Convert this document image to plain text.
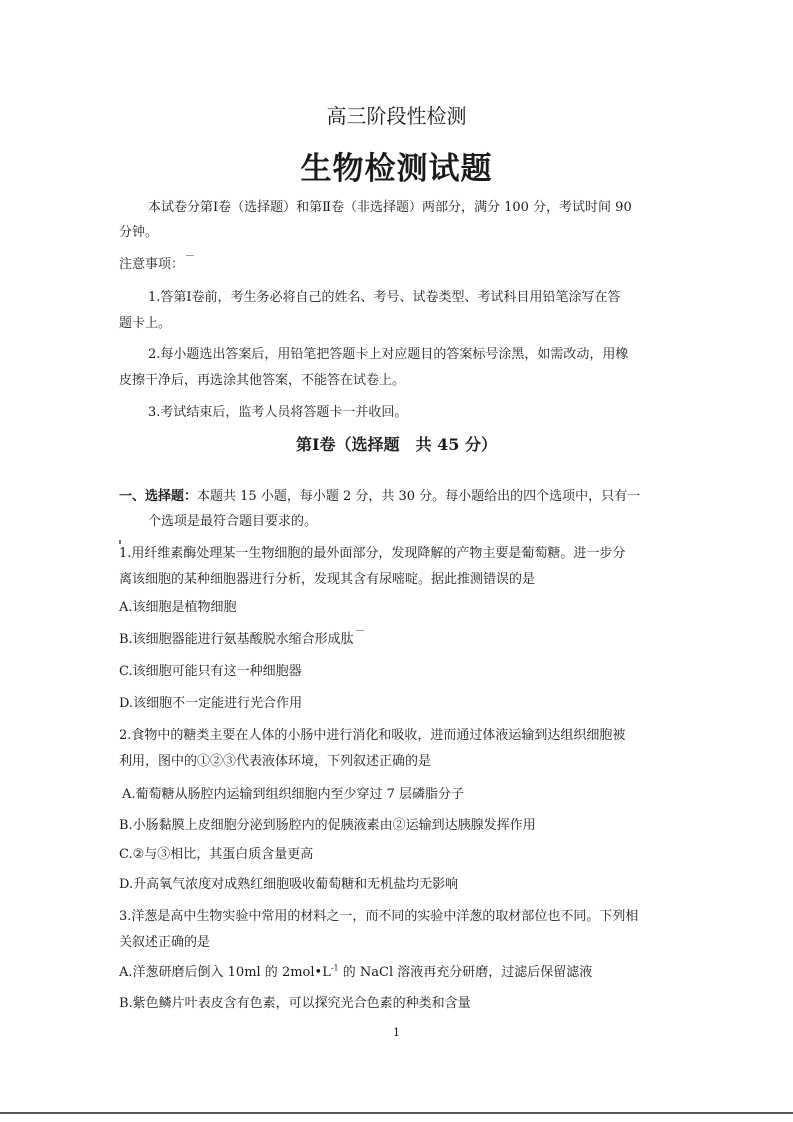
高三阶段性检测
生物检测试题
本试卷分第Ⅰ卷（选择题）和第Ⅱ卷（非选择题）两部分，满分 100 分，考试时间 90
分钟。
注意事项：
1.答第Ⅰ卷前，考生务必将自己的姓名、考号、试卷类型、考试科目用铅笔涂写在答
题卡上。
2.每小题选出答案后，用铅笔把答题卡上对应题目的答案标号涂黑，如需改动，用橡
皮擦干净后，再选涂其他答案，不能答在试卷上。
3.考试结束后，监考人员将答题卡一并收回。
第Ⅰ卷（选择题　共 45 分）
一、选择题：本题共 15 小题，每小题 2 分，共 30 分。每小题给出的四个选项中，只有一
个选项是最符合题目要求的。
1.用纤维素酶处理某一生物细胞的最外面部分，发现降解的产物主要是葡萄糖。进一步分
离该细胞的某种细胞器进行分析，发现其含有尿嘧啶。据此推测错误的是
A.该细胞是植物细胞
B.该细胞器能进行氨基酸脱水缩合形成肽
C.该细胞可能只有这一种细胞器
D.该细胞不一定能进行光合作用
2.食物中的糖类主要在人体的小肠中进行消化和吸收，进而通过体液运输到达组织细胞被
利用，图中的①②③代表液体环境，下列叙述正确的是
A.葡萄糖从肠腔内运输到组织细胞内至少穿过 7 层磷脂分子
B.小肠黏膜上皮细胞分泌到肠腔内的促胰液素由②运输到达胰腺发挥作用
C.②与③相比，其蛋白质含量更高
D.升高氧气浓度对成熟红细胞吸收葡萄糖和无机盐均无影响
3.洋葱是高中生物实验中常用的材料之一，而不同的实验中洋葱的取材部位也不同。下列相
关叙述正确的是
A.洋葱研磨后倒入 10ml 的 $2mol•L^{-1}$ 的 NaCl 溶液再充分研磨，过滤后保留滤液
B.紫色鳞片叶表皮含有色素，可以探究光合色素的种类和含量
1
